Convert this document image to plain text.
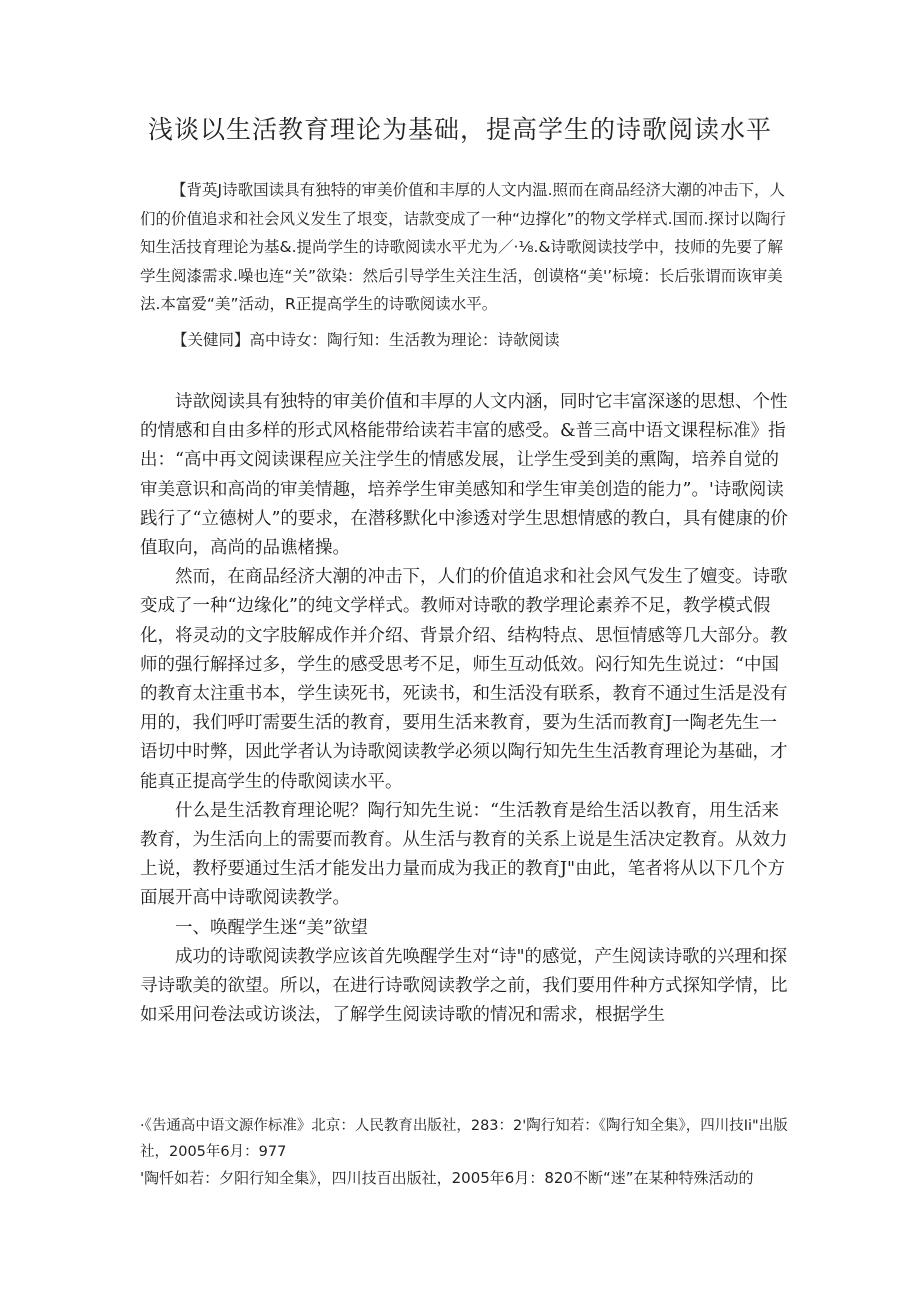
浅谈以生活教育理论为基础，提高学生的诗歌阅读水平

【背英J诗歌国读具有独特的审美价值和丰厚的人文内温.照而在商品经济大潮的冲击下，人们的价值追求和社会风义发生了垠变，诘款变成了一种“边撑化”的物文学样式.国而.探讨以陶行知生活技育理论为基&.提尚学生的诗歌阅读水平尤为／·⅛.&诗歌阅读技学中，技师的先要了解学生阅漆需求.噪也连“关”欲染：然后引导学生关注生活，创谟格“美'’标境：长后张谓而诙审美法.本富爱“美”活动，R正提高学生的诗歌阅读水平。

【关健同】高中诗女：陶行知：生活教为理论：诗欹阅读

诗歆阅读具有独特的审美价值和丰厚的人文内涵，同时它丰富深遂的思想、个性的情感和自由多样的形式风格能带给读若丰富的感受。&普三高中语文课程标准》指出：“高中再文阅读课程应关注学生的情感发展，让学生受到美的熏陶，培养自觉的审美意识和高尚的审美情趣，培养学生审美感知和学生审美创造的能力”。'诗歌阅读践行了“立德树人”的要求，在潜移默化中渗透对学生思想情感的教白，具有健康的价值取向，高尚的品谯楮操。

然而，在商品经济大潮的冲击下，人们的价值追求和社会风气发生了嬗变。诗歌变成了一种“边缘化”的纯文学样式。教师对诗歌的教学理论素养不足，教学模式假化，将灵动的文字肢解成作并介绍、背景介绍、结构特点、思恒情感等几大部分。教师的强行解择过多，学生的感受思考不足，师生互动低效。闷行知先生说过：“中国的教育太注重书本，学生读死书，死读书，和生活没有联系，教育不通过生活是没有用的，我们呼叮需要生活的教育，要用生活来教育，要为生活而教育J一陶老先生一语切中时弊，因此学者认为诗歌阅读教学必须以陶行知先生生活教育理论为基础，才能真正提高学生的侍歌阅读水平。

什么是生活教育理论呢？陶行知先生说：“生活教育是给生活以教育，用生活来教育，为生活向上的需要而教育。从生活与教育的关系上说是生活决定教育。从效力上说，教杼要通过生活才能发出力量而成为我正的教育J"由此，笔者将从以下几个方面展开高中诗歌阅读教学。

一、唤醒学生迷“美”欲望

成功的诗歌阅读教学应该首先唤醒学生对“诗"的感觉，产生阅读诗歌的兴理和探寻诗歌美的欲望。所以，在进行诗歌阅读教学之前，我们要用件种方式探知学情，比如采用问卷法或访谈法，了解学生阅读诗歌的情况和需求，根据学生

·《吿通高中语文源作标准》北京：人民教育出版社，283：2'陶行知若：《陶行知全集》，四川技Ii"出版社，2005年6月：977

'陶忏如若：夕阳行知全集》，四川技百出版社，2005年6月：820不断“迷”在某种特殊活动的
